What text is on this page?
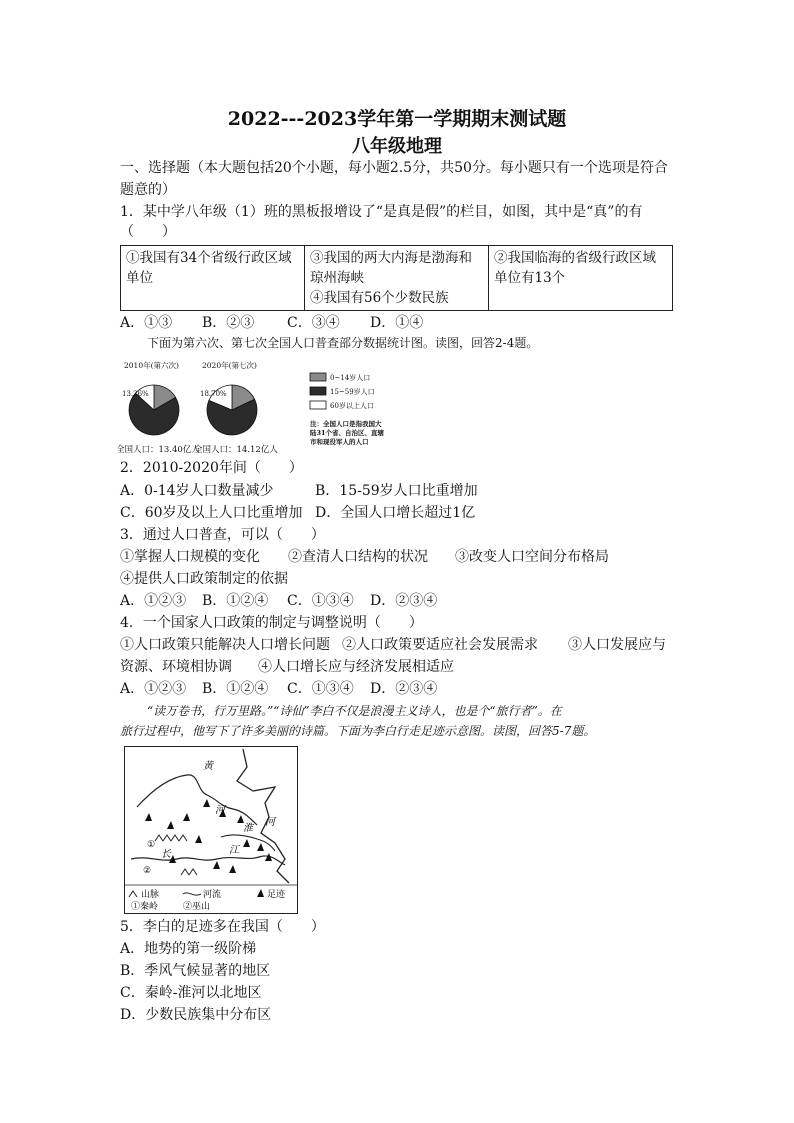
2022---2023学年第一学期期末测试题
八年级地理
一、选择题（本大题包括20个小题，每小题2.5分，共50分。每小题只有一个选项是符合
题意的）
1．某中学八年级（1）班的黑板报增设了“是真是假”的栏目，如图，其中是“真”的有
（　　）
①我国有34个省级行政区域
单位

③我国的两大内海是渤海和
琼州海峡
④我国有56个少数民族

②我国临海的省级行政区域
单位有13个
A．①③ B．②③ C．③④ D．①④
下面为第六次、第七次全国人口普查部分数据统计图。读图，回答2-4题。
2010年(第六次)
13.26%
全国人口：13.40亿人
2020年(第七次)
18.70%
全国人口：14.12亿人
0~14岁人口
15~59岁人口
60岁以上人口
注：全国人口是指我国大
陆31个省、自治区、直辖
市和现役军人的人口
2．2010-2020年间（　　）
A．0-14岁人口数量减少	B．15-59岁人口比重增加
C．60岁及以上人口比重增加 D．全国人口增长超过1亿
3．通过人口普查，可以（　　）
①掌握人口规模的变化 ②查清人口结构的状况 ③改变人口空间分布格局
④提供人口政策制定的依据
A．①②③ B．①②④ C．①③④ D．②③④
4．一个国家人口政策的制定与调整说明（　　）
①人口政策只能解决人口增长问题 ②人口政策要适应社会发展需求 ③人口发展应与
资源、环境相协调 ④人口增长应与经济发展相适应
A．①②③ B．①②④ C．①③④ D．②③④
“读万卷书，行万里路。”“诗仙”李白不仅是浪漫主义诗人，也是个“旅行者”。在
旅行过程中，他写下了许多美丽的诗篇。下面为李白行走足迹示意图。读图，回答5-7题。
黄
河
淮
河
长	江
①
②
山脉	河流	足迹
①秦岭	②巫山
5．李白的足迹多在我国（　　）
A．地势的第一级阶梯
B．季风气候显著的地区
C．秦岭-淮河以北地区
D．少数民族集中分布区
